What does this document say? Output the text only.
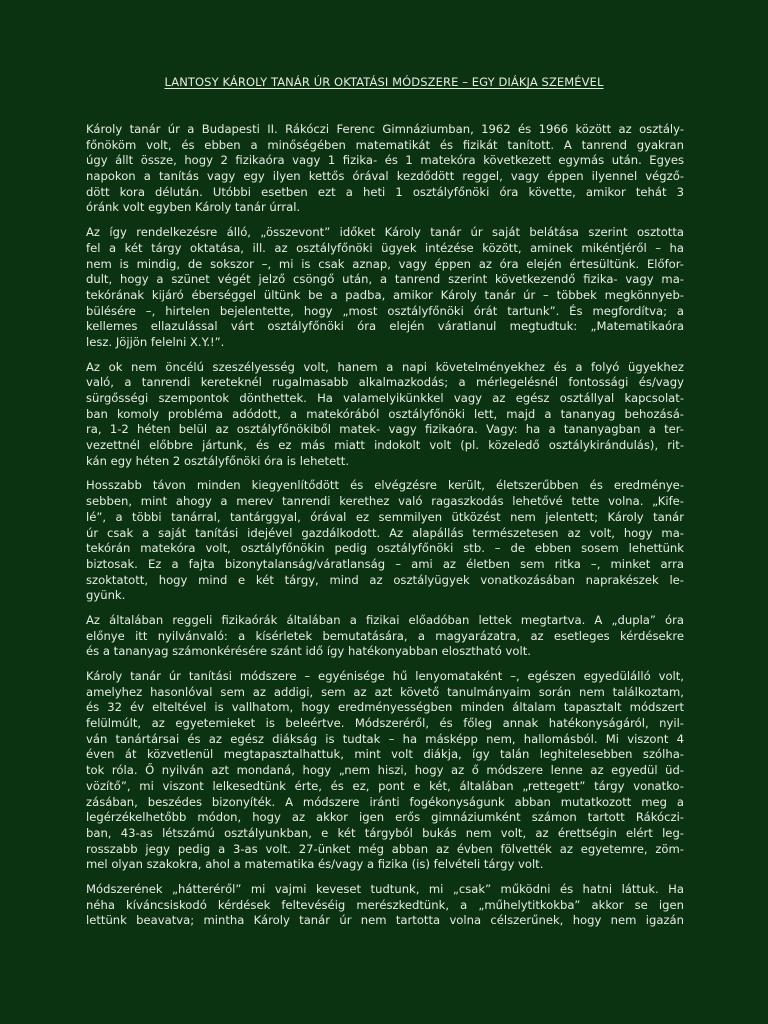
LANTOSY KÁROLY TANÁR ÚR OKTATÁSI MÓDSZERE – EGY DIÁKJA SZEMÉVEL
Károly tanár úr a Budapesti II. Rákóczi Ferenc Gimnáziumban, 1962 és 1966 között az osztály-
főnököm volt, és ebben a minőségében matematikát és fizikát tanított. A tanrend gyakran
úgy állt össze, hogy 2 fizikaóra vagy 1 fizika- és 1 matekóra következett egymás után. Egyes
napokon a tanítás vagy egy ilyen kettős órával kezdődött reggel, vagy éppen ilyennel végző-
dött kora délután. Utóbbi esetben ezt a heti 1 osztályfőnöki óra követte, amikor tehát 3
óránk volt egyben Károly tanár úrral.
Az így rendelkezésre álló, „összevont” időket Károly tanár úr saját belátása szerint osztotta
fel a két tárgy oktatása, ill. az osztályfőnöki ügyek intézése között, aminek mikéntjéről – ha
nem is mindig, de sokszor –, mi is csak aznap, vagy éppen az óra elején értesültünk. Előfor-
dult, hogy a szünet végét jelző csöngő után, a tanrend szerint következendő fizika- vagy ma-
tekórának kijáró éberséggel ültünk be a padba, amikor Károly tanár úr – többek megkönnyeb-
bülésére –, hirtelen bejelentette, hogy „most osztályfőnöki órát tartunk”. És megfordítva; a
kellemes ellazulással várt osztályfőnöki óra elején váratlanul megtudtuk: „Matematikaóra
lesz. Jöjjön felelni X.Y.!”.
Az ok nem öncélú szeszélyesség volt, hanem a napi követelményekhez és a folyó ügyekhez
való, a tanrendi kereteknél rugalmasabb alkalmazkodás; a mérlegelésnél fontossági és/vagy
sürgősségi szempontok dönthettek. Ha valamelyikünkkel vagy az egész osztállyal kapcsolat-
ban komoly probléma adódott, a matekórából osztályfőnöki lett, majd a tananyag behozásá-
ra, 1-2 héten belül az osztályfőnökiből matek- vagy fizikaóra. Vagy: ha a tananyagban a ter-
vezettnél előbbre jártunk, és ez más miatt indokolt volt (pl. közeledő osztálykirándulás), rit-
kán egy héten 2 osztályfőnöki óra is lehetett.
Hosszabb távon minden kiegyenlítődött és elvégzésre került, életszerűbben és eredménye-
sebben, mint ahogy a merev tanrendi kerethez való ragaszkodás lehetővé tette volna. „Kife-
lé”, a többi tanárral, tantárggyal, órával ez semmilyen ütközést nem jelentett; Károly tanár
úr csak a saját tanítási idejével gazdálkodott. Az alapállás természetesen az volt, hogy ma-
tekórán matekóra volt, osztályfőnökin pedig osztályfőnöki stb. – de ebben sosem lehettünk
biztosak. Ez a fajta bizonytalanság/váratlanság – ami az életben sem ritka –, minket arra
szoktatott, hogy mind e két tárgy, mind az osztályügyek vonatkozásában naprakészek le-
gyünk.
Az általában reggeli fizikaórák általában a fizikai előadóban lettek megtartva. A „dupla” óra
előnye itt nyilvánvaló: a kísérletek bemutatására, a magyarázatra, az esetleges kérdésekre
és a tananyag számonkérésére szánt idő így hatékonyabban elosztható volt.
Károly tanár úr tanítási módszere – egyénisége hű lenyomataként –, egészen egyedülálló volt,
amelyhez hasonlóval sem az addigi, sem az azt követő tanulmányaim során nem találkoztam,
és 32 év elteltével is vallhatom, hogy eredményességben minden általam tapasztalt módszert
felülmúlt, az egyetemieket is beleértve. Módszeréről, és főleg annak hatékonyságáról, nyil-
ván tanártársai és az egész diákság is tudtak – ha másképp nem, hallomásból. Mi viszont 4
éven át közvetlenül megtapasztalhattuk, mint volt diákja, így talán leghitelesebben szólha-
tok róla. Ő nyilván azt mondaná, hogy „nem hiszi, hogy az ő módszere lenne az egyedül üd-
vözítő”, mi viszont lelkesedtünk érte, és ez, pont e két, általában „rettegett” tárgy vonatko-
zásában, beszédes bizonyíték. A módszere iránti fogékonyságunk abban mutatkozott meg a
legérzékelhetőbb módon, hogy az akkor igen erős gimnáziumként számon tartott Rákóczi-
ban, 43-as létszámú osztályunkban, e két tárgyból bukás nem volt, az érettségin elért leg-
rosszabb jegy pedig a 3-as volt. 27-ünket még abban az évben fölvették az egyetemre, zöm-
mel olyan szakokra, ahol a matematika és/vagy a fizika (is) felvételi tárgy volt.
Módszerének „hátteréről” mi vajmi keveset tudtunk, mi „csak” működni és hatni láttuk. Ha
néha kíváncsiskodó kérdések feltevéséig merészkedtünk, a „műhelytitkokba” akkor se igen
lettünk beavatva; mintha Károly tanár úr nem tartotta volna célszerűnek, hogy nem igazán
